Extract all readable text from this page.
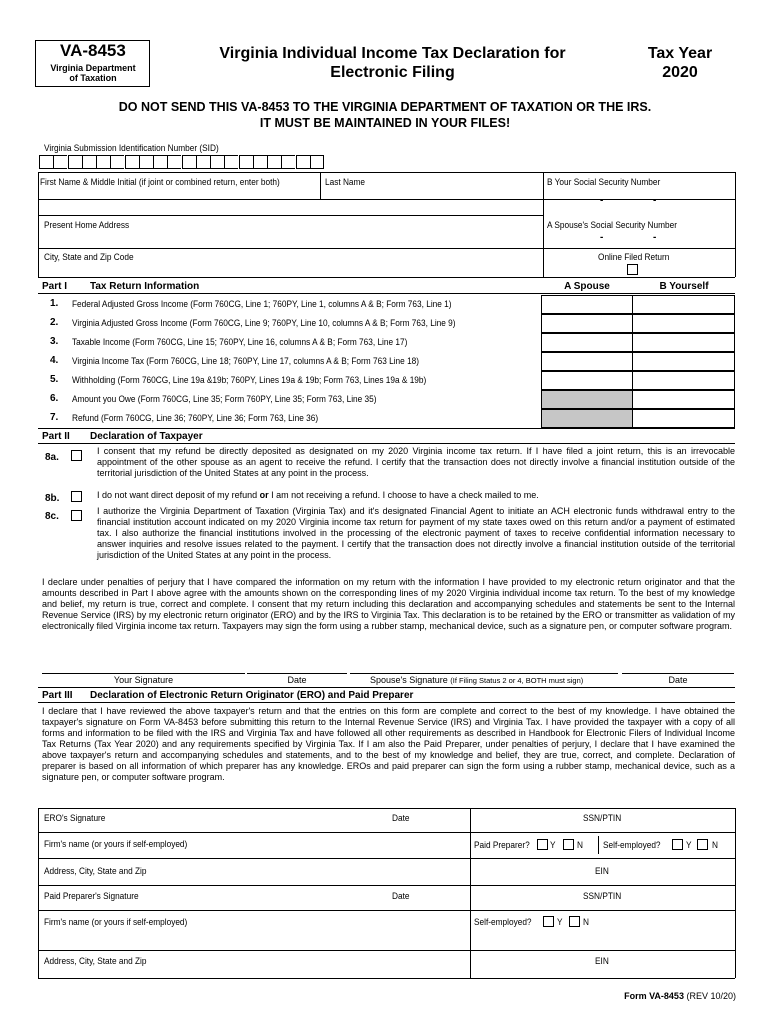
VA-8453
Virginia Department
of Taxation
Virginia Individual Income Tax Declaration for
Electronic Filing
Tax Year
2020
DO NOT SEND THIS VA-8453 TO THE VIRGINIA DEPARTMENT OF TAXATION OR THE IRS.
IT MUST BE MAINTAINED IN YOUR FILES!
Virginia Submission Identification Number (SID)
First Name & Middle Initial (if joint or combined return, enter both)	Last Name	B Your Social Security Number
-	-
Present Home Address	A Spouse's Social Security Number
-	-
City, State and Zip Code	Online Filed Return
Part I Tax Return Information	A Spouse	B Yourself
1. Federal Adjusted Gross Income (Form 760CG, Line 1; 760PY, Line 1, columns A & B; Form 763, Line 1)
2. Virginia Adjusted Gross Income (Form 760CG, Line 9; 760PY, Line 10, columns A & B; Form 763, Line 9)
3. Taxable Income (Form 760CG, Line 15; 760PY, Line 16, columns A & B; Form 763, Line 17)
4. Virginia Income Tax (Form 760CG, Line 18; 760PY, Line 17, columns A & B; Form 763 Line 18)
5. Withholding (Form 760CG, Line 19a &19b; 760PY, Lines 19a & 19b; Form 763, Lines 19a & 19b)
6. Amount you Owe (Form 760CG, Line 35; Form 760PY, Line 35; Form 763, Line 35)
7. Refund (Form 760CG, Line 36; 760PY, Line 36; Form 763, Line 36)
Part II Declaration of Taxpayer
8a.
I consent that my refund be directly deposited as designated on my 2020 Virginia income tax return. If I have filed a joint return, this is an irrevocable appointment of the other spouse as an agent to receive the refund. I certify that the transaction does not directly involve a financial institution outside of the territorial jurisdiction of the United States at any point in the process.
8b.	I do not want direct deposit of my refund or I am not receiving a refund. I choose to have a check mailed to me.
8c.	I authorize the Virginia Department of Taxation (Virginia Tax) and it's designated Financial Agent to initiate an ACH electronic funds withdrawal entry to the financial institution account indicated on my 2020 Virginia income tax return for payment of my state taxes owed on this return and/or a payment of estimated tax. I also authorize the financial institutions involved in the processing of the electronic payment of taxes to receive confidential information necessary to answer inquiries and resolve issues related to the payment. I certify that the transaction does not directly involve a financial institution outside of the territorial jurisdiction of the United States at any point in the process.
I declare under penalties of perjury that I have compared the information on my return with the information I have provided to my electronic return originator and that the amounts described in Part I above agree with the amounts shown on the corresponding lines of my 2020 Virginia individual income tax return. To the best of my knowledge and belief, my return is true, correct and complete. I consent that my return including this declaration and accompanying schedules and statements be sent to the Internal Revenue Service (IRS) by my electronic return originator (ERO) and by the IRS to Virginia Tax. This declaration is to be retained by the ERO or transmitter as validation of my electronically filed Virginia income tax return. Taxpayers may sign the form using a rubber stamp, mechanical device, such as a signature pen, or computer software program.
Your Signature	Date	Spouse's Signature (If Filing Status 2 or 4, BOTH must sign)	Date
Part III Declaration of Electronic Return Originator (ERO) and Paid Preparer
I declare that I have reviewed the above taxpayer's return and that the entries on this form are complete and correct to the best of my knowledge. I have obtained the taxpayer's signature on Form VA-8453 before submitting this return to the Internal Revenue Service (IRS) and Virginia Tax. I have provided the taxpayer with a copy of all forms and information to be filed with the IRS and Virginia Tax and have followed all other requirements as described in Handbook for Electronic Filers of Individual Income Tax Returns (Tax Year 2020) and any requirements specified by Virginia Tax. If I am also the Paid Preparer, under penalties of perjury, I declare that I have examined the above taxpayer's return and accompanying schedules and statements, and to the best of my knowledge and belief, they are true, correct, and complete. Declaration of preparer is based on all information of which preparer has any knowledge. EROs and paid preparer can sign the form using a rubber stamp, mechanical device, such as a signature pen, or computer software program.
ERO's Signature	Date	SSN/PTIN
Firm's name (or yours if self-employed)	Paid Preparer? Y N Self-employed?	Y N
Address, City, State and Zip	EIN
Paid Preparer's Signature	Date	SSN/PTIN
Firm's name (or yours if self-employed)	Self-employed?	Y N
Address, City, State and Zip	EIN
Form VA-8453 (REV 10/20)
